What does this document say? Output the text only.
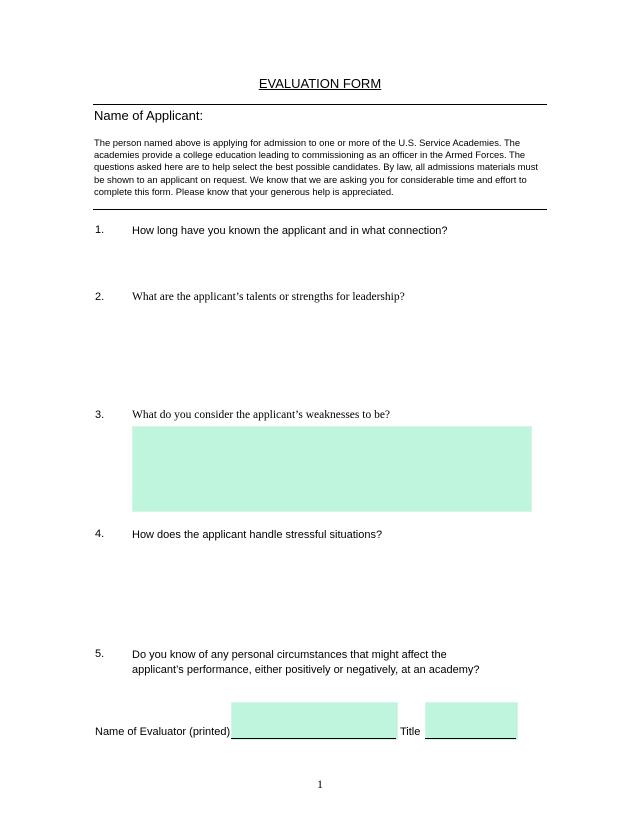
EVALUATION FORM
Name of Applicant:
The person named above is applying for admission to one or more of the U.S. Service Academies. The academies provide a college education leading to commissioning as an officer in the Armed Forces. The questions asked here are to help select the best possible candidates. By law, all admissions materials must be shown to an applicant on request. We know that we are asking you for considerable time and effort to complete this form. Please know that your generous help is appreciated.
1.	How long have you known the applicant and in what connection?
2. What are the applicant’s talents or strengths for leadership?
3. What do you consider the applicant’s weaknesses to be?
4.	How does the applicant handle stressful situations?
5.	Do you know of any personal circumstances that might affect the applicant’s performance, either positively or negatively, at an academy?
Name of Evaluator (printed)	Title
1
